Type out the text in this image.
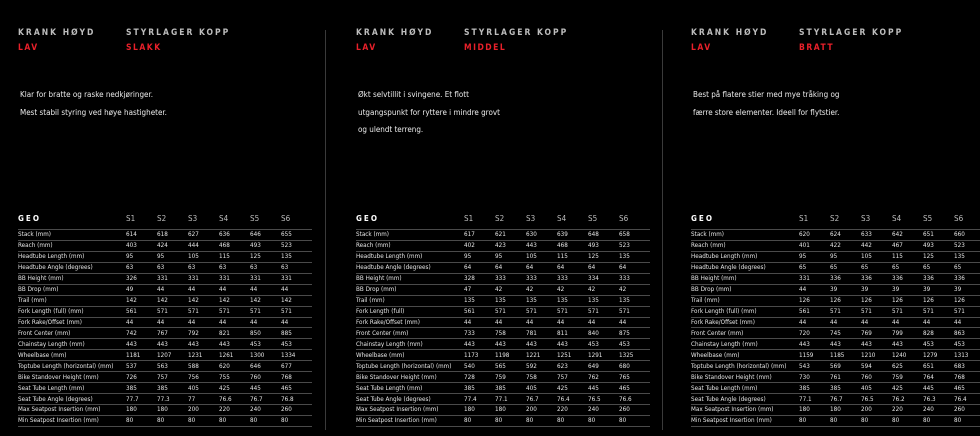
KRANK HØYD	STYRLAGER KOPP
LAV	SLAKK

Klar for bratte og raske nedkjøringer.

Mest stabil styring ved høye hastigheter.

GEO	S1	S2	S3	S4	S5	S6
Stack (mm)	614	618	627	636	646	655
Reach (mm)	403	424	444	468	493	523
Headtube Length (mm)	95	95	105	115	125	135
Headtube Angle (degrees)	63	63	63	63	63	63
BB Height (mm)	326	331	331	331	331	331
BB Drop (mm)	49	44	44	44	44	44
Trail (mm)	142	142	142	142	142	142
Fork Length (full) (mm)	561	571	571	571	571	571
Fork Rake/Offset (mm)	44	44	44	44	44	44
Front Center (mm)	742	767	792	821	850	885
Chainstay Length (mm)	443	443	443	443	453	453
Wheelbase (mm)	1181	1207	1231	1261	1300	1334
Toptube Length (horizontal) (mm)	537	563	588	620	646	677
Bike Standover Height (mm)	726	757	756	755	760	768
Seat Tube Length (mm)	385	385	405	425	445	465
Seat Tube Angle (degrees)	77.7	77.3	77	76.6	76.7	76.8
Max Seatpost Insertion (mm)	180	180	200	220	240	260
Min Seatpost Insertion (mm)	80	80	80	80	80	80
KRANK HØYD	STYRLAGER KOPP
LAV	MIDDEL

Økt selvtillit i svingene. Et flott

utgangspunkt for ryttere i mindre grovt

og ulendt terreng.

GEO	S1	S2	S3	S4	S5	S6
Stack (mm)	617	621	630	639	648	658
Reach (mm)	402	423	443	468	493	523
Headtube Length (mm)	95	95	105	115	125	135
Headtube Angle (degrees)	64	64	64	64	64	64
BB Height (mm)	328	333	333	333	334	333
BB Drop (mm)	47	42	42	42	42	42
Trail (mm)	135	135	135	135	135	135
Fork Length (full)	561	571	571	571	571	571
Fork Rake/Offset (mm)	44	44	44	44	44	44
Front Center (mm)	733	758	781	811	840	875
Chainstay Length (mm)	443	443	443	443	453	453
Wheelbase (mm)	1173	1198	1221	1251	1291	1325
Toptube Length (horizontal) (mm)	540	565	592	623	649	680
Bike Standover Height (mm)	728	759	758	757	762	765
Seat Tube Length (mm)	385	385	405	425	445	465
Seat Tube Angle (degrees)	77.4	77.1	76.7	76.4	76.5	76.6
Max Seatpost Insertion (mm)	180	180	200	220	240	260
Min Seatpost Insertion (mm)	80	80	80	80	80	80
KRANK HØYD	STYRLAGER KOPP
LAV	BRATT

Best på flatere stier med mye tråking og

færre store elementer. Ideell for flytstier.

GEO	S1	S2	S3	S4	S5	S6
Stack (mm)	620	624	633	642	651	660
Reach (mm)	401	422	442	467	493	523
Headtube Length (mm)	95	95	105	115	125	135
Headtube Angle (degrees)	65	65	65	65	65	65
BB Height (mm)	331	336	336	336	336	336
BB Drop (mm)	44	39	39	39	39	39
Trail (mm)	126	126	126	126	126	126
Fork Length (full) (mm)	561	571	571	571	571	571
Fork Rake/Offset (mm)	44	44	44	44	44	44
Front Center (mm)	720	745	769	799	828	863
Chainstay Length (mm)	443	443	443	443	453	453
Wheelbase (mm)	1159	1185	1210	1240	1279	1313
Toptube Length (horizontal) (mm)	543	569	594	625	651	683
Bike Standover Height (mm)	730	761	760	759	764	768
Seat Tube Length (mm)	385	385	405	425	445	465
Seat Tube Angle (degrees)	77.1	76.7	76.5	76.2	76.3	76.4
Max Seatpost Insertion (mm)	180	180	200	220	240	260
Min Seatpost Insertion (mm)	80	80	80	80	80	80
